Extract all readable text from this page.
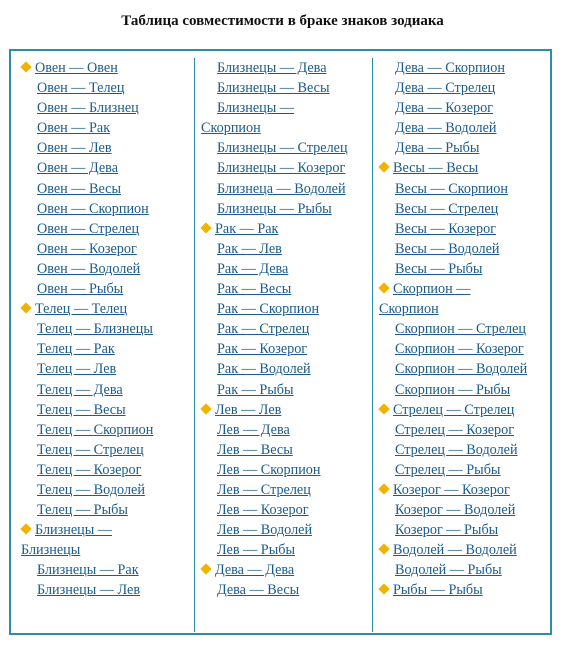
Таблица совместимости в браке знаков зодиака
Овен — Овен
Овен — Телец
Овен — Близнец
Овен — Рак
Овен — Лев
Овен — Дева
Овен — Весы
Овен — Скорпион
Овен — Стрелец
Овен — Козерог
Овен — Водолей
Овен — Рыбы
Телец — Телец
Телец — Близнецы
Телец — Рак
Телец — Лев
Телец — Дева
Телец — Весы
Телец — Скорпион
Телец — Стрелец
Телец — Козерог
Телец — Водолей
Телец — Рыбы
Близнецы —
Близнецы
Близнецы — Рак
Близнецы — Лев
Близнецы — Дева
Близнецы — Весы
Близнецы —
Скорпион
Близнецы — Стрелец
Близнецы — Козерог
Близнеца — Водолей
Близнецы — Рыбы
Рак — Рак
Рак — Лев
Рак — Дева
Рак — Весы
Рак — Скорпион
Рак — Стрелец
Рак — Козерог
Рак — Водолей
Рак — Рыбы
Лев — Лев
Лев — Дева
Лев — Весы
Лев — Скорпион
Лев — Стрелец
Лев — Козерог
Лев — Водолей
Лев — Рыбы
Дева — Дева
Дева — Весы
Дева — Скорпион
Дева — Стрелец
Дева — Козерог
Дева — Водолей
Дева — Рыбы
Весы — Весы
Весы — Скорпион
Весы — Стрелец
Весы — Козерог
Весы — Водолей
Весы — Рыбы
Скорпион —
Скорпион
Скорпион — Стрелец
Скорпион — Козерог
Скорпион — Водолей
Скорпион — Рыбы
Стрелец — Стрелец
Стрелец — Козерог
Стрелец — Водолей
Стрелец — Рыбы
Козерог — Козерог
Козерог — Водолей
Козерог — Рыбы
Водолей — Водолей
Водолей — Рыбы
Рыбы — Рыбы
